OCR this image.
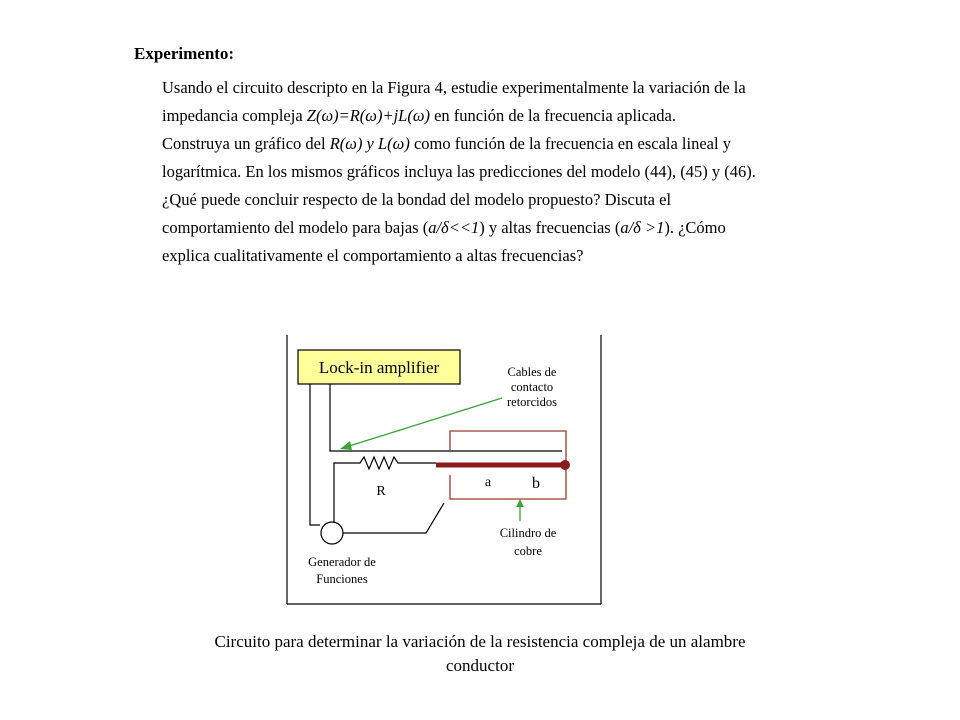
Experimento:
Usando el circuito descripto en la Figura 4, estudie experimentalmente la variación de la
impedancia compleja Z(ω)=R(ω)+jL(ω) en función de la frecuencia aplicada.
Construya un gráfico del R(ω) y L(ω) como función de la frecuencia en escala lineal y
logarítmica. En los mismos gráficos incluya las predicciones del modelo (44), (45) y (46).
¿Qué puede concluir respecto de la bondad del modelo propuesto? Discuta el
comportamiento del modelo para bajas (a/δ<<1) y altas frecuencias (a/δ >1). ¿Cómo
explica cualitativamente el comportamiento a altas frecuencias?
Lock-in amplifier
R
a	b
Cables de
contacto
retorcidos
Cilindro de
cobre
Generador de
Funciones
Circuito para determinar la variación de la resistencia compleja de un alambre
conductor
